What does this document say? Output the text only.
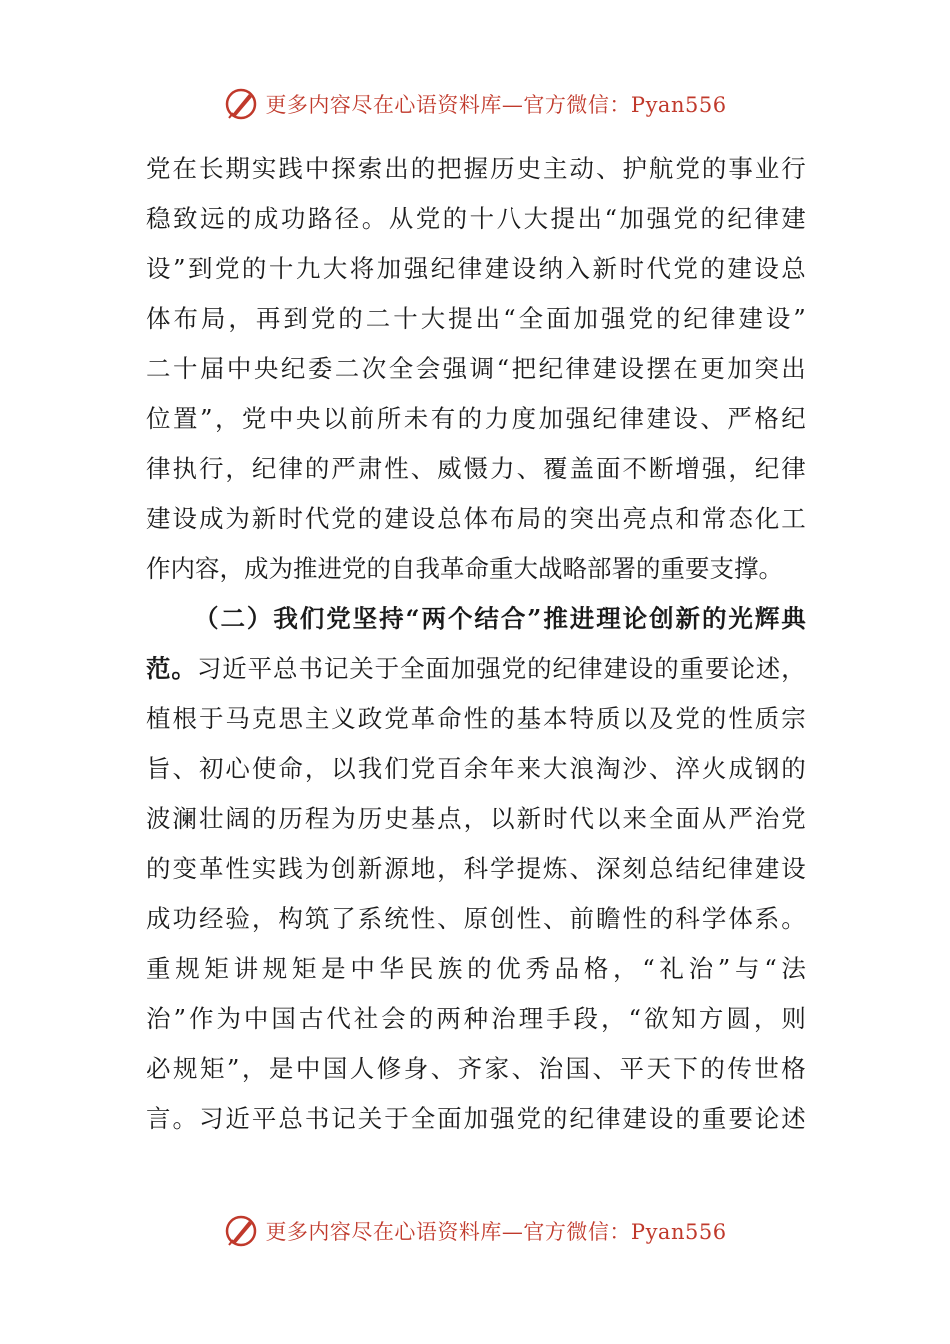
更多内容尽在心语资料库—官方微信：Pyan556
党 在 长 期 实 践 中 探 索 出 的 把 握 历 史 主 动 、 护 航 党 的 事 业 行
稳 致 远 的 成 功 路 径 。 从 党 的 十 八 大 提 出 “ 加 强 党 的 纪 律 建
设 ” 到 党 的 十 九 大 将 加 强 纪 律 建 设 纳 入 新 时 代 党 的 建 设 总
体 布 局 ， 再 到 党 的 二 十 大 提 出 “ 全 面 加 强 党 的 纪 律 建 设 ”
二 十 届 中 央 纪 委 二 次 全 会 强 调 “ 把 纪 律 建 设 摆 在 更 加 突 出
位 置 ” ， 党 中 央 以 前 所 未 有 的 力 度 加 强 纪 律 建 设 、 严 格 纪
律 执 行 ， 纪 律 的 严 肃 性 、 威 慑 力 、 覆 盖 面 不 断 增 强 ， 纪 律
建 设 成 为 新 时 代 党 的 建 设 总 体 布 局 的 突 出 亮 点 和 常 态 化 工
作内容，成为推进党的自我革命重大战略部署的重要支撑。
（ 二 ） 我 们 党 坚 持 “ 两 个 结 合 ” 推 进 理 论 创 新 的 光 辉 典
范 。 习 近 平 总 书 记 关 于 全 面 加 强 党 的 纪 律 建 设 的 重 要 论 述 ，
植 根 于 马 克 思 主 义 政 党 革 命 性 的 基 本 特 质 以 及 党 的 性 质 宗
旨 、 初 心 使 命 ， 以 我 们 党 百 余 年 来 大 浪 淘 沙 、 淬 火 成 钢 的
波 澜 壮 阔 的 历 程 为 历 史 基 点 ， 以 新 时 代 以 来 全 面 从 严 治 党
的 变 革 性 实 践 为 创 新 源 地 ， 科 学 提 炼 、 深 刻 总 结 纪 律 建 设
成 功 经 验 ， 构 筑 了 系 统 性 、 原 创 性 、 前 瞻 性 的 科 学 体 系 。
重 规 矩 讲 规 矩 是 中 华 民 族 的 优 秀 品 格 ， “ 礼 治 ” 与 “ 法
治 ” 作 为 中 国 古 代 社 会 的 两 种 治 理 手 段 ， “ 欲 知 方 圆 ， 则
必 规 矩 ” ， 是 中 国 人 修 身 、 齐 家 、 治 国 、 平 天 下 的 传 世 格
言 。 习 近 平 总 书 记 关 于 全 面 加 强 党 的 纪 律 建 设 的 重 要 论 述
更多内容尽在心语资料库—官方微信：Pyan556
